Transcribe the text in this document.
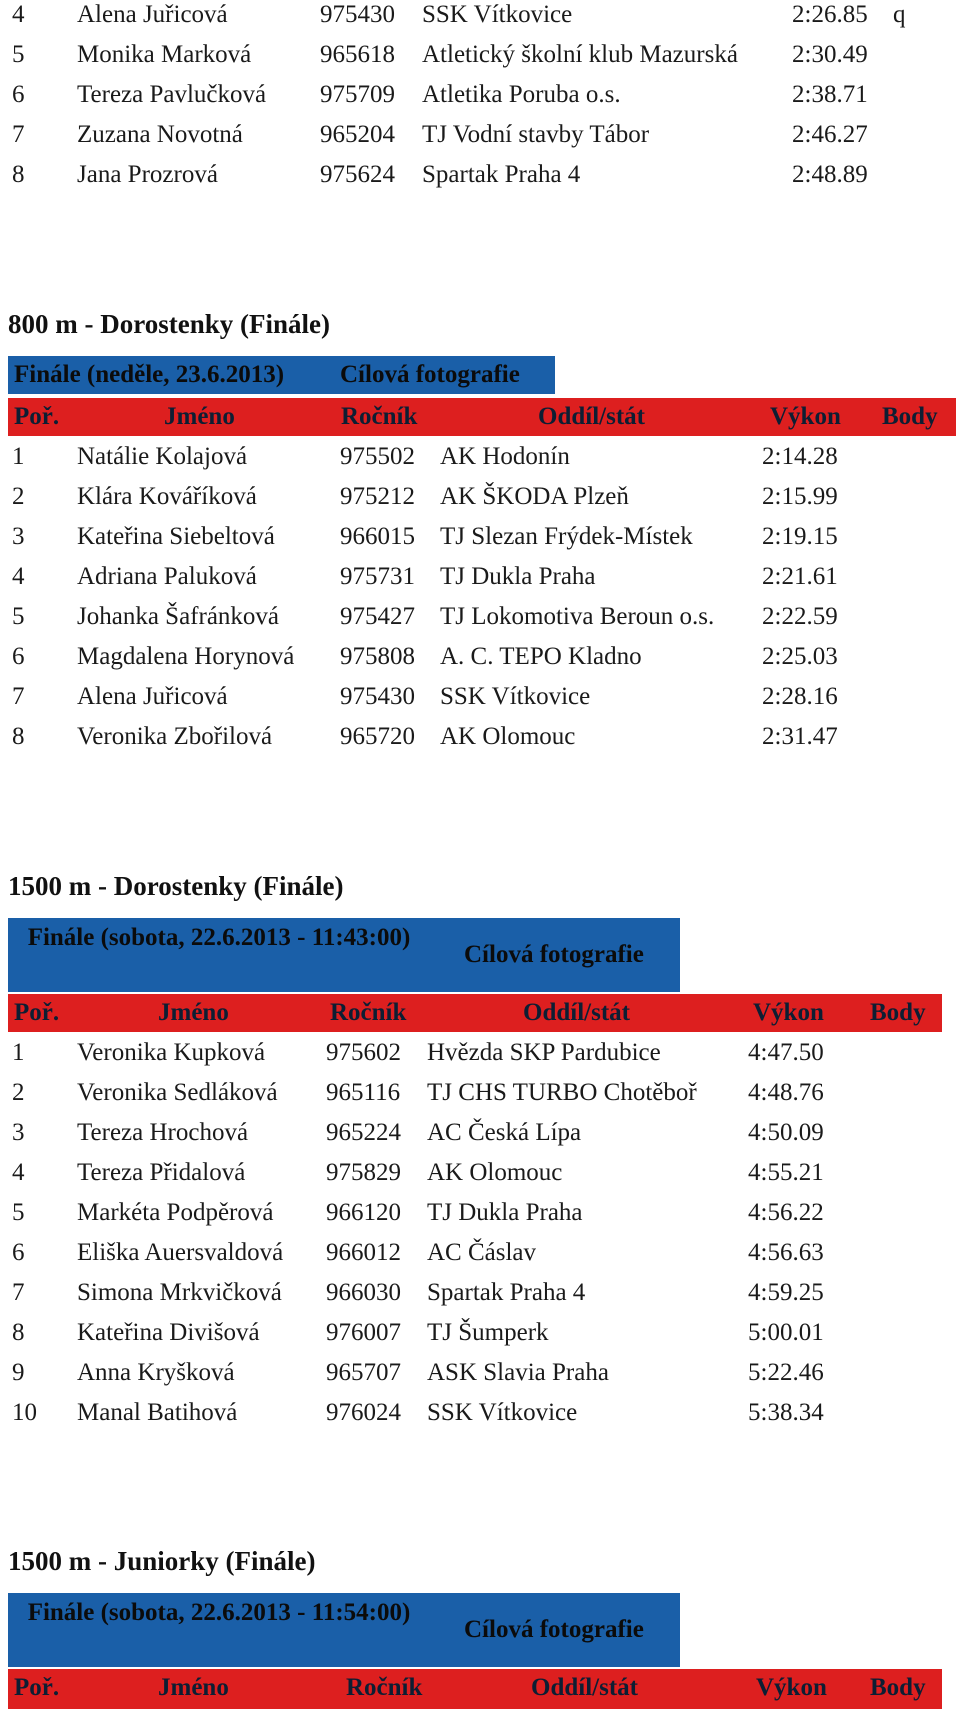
4 Alena Juřicová	975430 SSK Vítkovice	2:26.85 q
5 Monika Marková	965618 Atletický školní klub Mazurská 2:30.49
6 Tereza Pavlučková 975709 Atletika Poruba o.s.	2:38.71
7 Zuzana Novotná	965204 TJ Vodní stavby Tábor	2:46.27
8 Jana Prozrová	975624 Spartak Praha 4	2:48.89
800 m - Dorostenky (Finále)
Finále (neděle, 23.6.2013) Cílová fotografie
Poř.	Jméno	Ročník	Oddíl/stát	Výkon Body
1 Natálie Kolajová	975502 AK Hodonín	2:14.28
2 Klára Kováříková	975212 AK ŠKODA Plzeň	2:15.99
3 Kateřina Siebeltová	966015 TJ Slezan Frýdek-Místek	2:19.15
4 Adriana Paluková	975731 TJ Dukla Praha	2:21.61
5 Johanka Šafránková 975427 TJ Lokomotiva Beroun o.s. 2:22.59
6 Magdalena Horynová 975808 A. C. TEPO Kladno	2:25.03
7 Alena Juřicová	975430 SSK Vítkovice	2:28.16
8 Veronika Zbořilová	965720 AK Olomouc	2:31.47
1500 m - Dorostenky (Finále)
Finále (sobota, 22.6.2013 - 11:43:00)
Cílová fotografie
Poř.	Jméno	Ročník	Oddíl/stát	Výkon Body
1 Veronika Kupková 975602 Hvězda SKP Pardubice	4:47.50
2 Veronika Sedláková 965116 TJ CHS TURBO Chotěboř 4:48.76
3 Tereza Hrochová	965224 AC Česká Lípa	4:50.09
4 Tereza Přidalová	975829 AK Olomouc	4:55.21
5 Markéta Podpěrová 966120 TJ Dukla Praha	4:56.22
6 Eliška Auersvaldová 966012 AC Čáslav	4:56.63
7 Simona Mrkvičková 966030 Spartak Praha 4	4:59.25
8 Kateřina Divišová	976007 TJ Šumperk	5:00.01
9 Anna Kryšková	965707 ASK Slavia Praha	5:22.46
10 Manal Batihová	976024 SSK Vítkovice	5:38.34
1500 m - Juniorky (Finále)
Finále (sobota, 22.6.2013 - 11:54:00)
Cílová fotografie
Poř.	Jméno	Ročník	Oddíl/stát	Výkon Body
